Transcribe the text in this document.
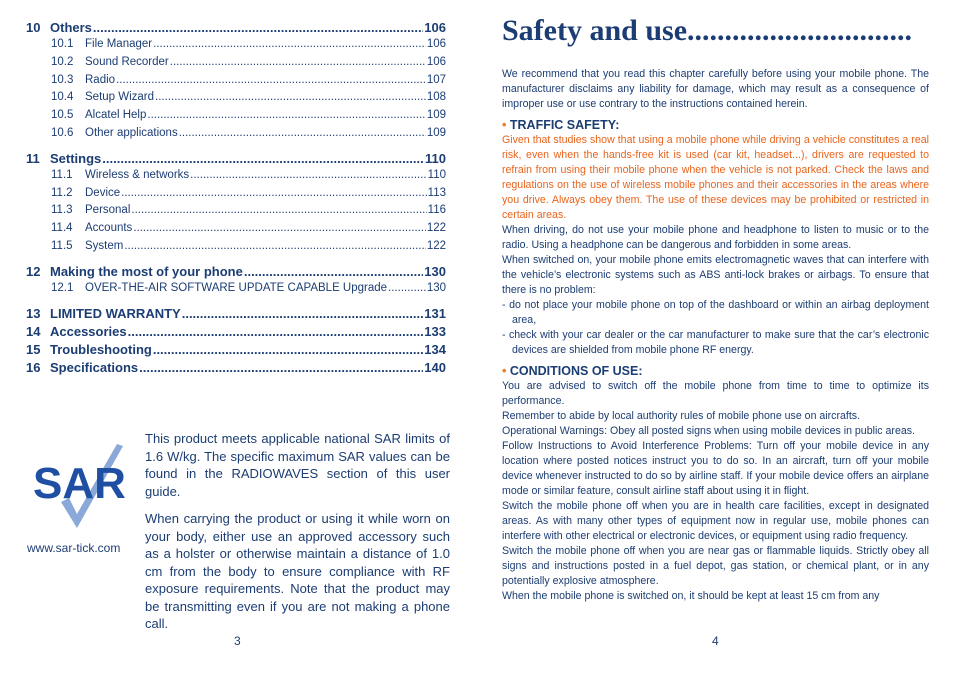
10 Others .....	106
10.1	File Manager .....	106
10.2	Sound Recorder .....	106
10.3	Radio .....	107
10.4	Setup Wizard .....	108
10.5	Alcatel Help .....	109
10.6	Other applications .....	109
11 Settings .....	110
11.1	Wireless & networks .....	110
11.2	Device .....	113
11.3	Personal .....	116
11.4	Accounts .....	122
11.5	System .....	122
12 Making the most of your phone .....	130
12.1	OVER-THE-AIR SOFTWARE UPDATE CAPABLE Upgrade .....	130
13 LIMITED WARRANTY .....	131
14 Accessories .....	133
15 Troubleshooting .....	134
16 Specifications .....	140
SAR
www.sar-tick.com

This product meets applicable national SAR limits of 1.6 W/kg. The specific maximum SAR values can be found in the RADIOWAVES section of this user guide.

When carrying the product or using it while worn on your body, either use an approved accessory such as a holster or otherwise maintain a distance of 1.0 cm from the body to ensure compliance with RF exposure requirements. Note that the product may be transmitting even if you are not making a phone call.

3
Safety and use..............................

We recommend that you read this chapter carefully before using your mobile phone. The manufacturer disclaims any liability for damage, which may result as a consequence of improper use or use contrary to the instructions contained herein.

• TRAFFIC SAFETY:

Given that studies show that using a mobile phone while driving a vehicle constitutes a real risk, even when the hands-free kit is used (car kit, headset...), drivers are requested to refrain from using their mobile phone when the vehicle is not parked. Check the laws and regulations on the use of wireless mobile phones and their accessories in the areas where you drive. Always obey them. The use of these devices may be prohibited or restricted in certain areas.

When driving, do not use your mobile phone and headphone to listen to music or to the radio. Using a headphone can be dangerous and forbidden in some areas.

When switched on, your mobile phone emits electromagnetic waves that can interfere with the vehicle’s electronic systems such as ABS anti-lock brakes or airbags. To ensure that there is no problem:

- do not place your mobile phone on top of the dashboard or within an airbag deployment area,

- check with your car dealer or the car manufacturer to make sure that the car’s electronic devices are shielded from mobile phone RF energy.

• CONDITIONS OF USE:

You are advised to switch off the mobile phone from time to time to optimize its performance.

Remember to abide by local authority rules of mobile phone use on aircrafts.

Operational Warnings: Obey all posted signs when using mobile devices in public areas.

Follow Instructions to Avoid Interference Problems: Turn off your mobile device in any location where posted notices instruct you to do so. In an aircraft, turn off your mobile device whenever instructed to do so by airline staff. If your mobile device offers an airplane mode or similar feature, consult airline staff about using it in flight.

Switch the mobile phone off when you are in health care facilities, except in designated areas. As with many other types of equipment now in regular use, mobile phones can interfere with other electrical or electronic devices, or equipment using radio frequency.

Switch the mobile phone off when you are near gas or flammable liquids. Strictly obey all signs and instructions posted in a fuel depot, gas station, or chemical plant, or in any potentially explosive atmosphere.

When the mobile phone is switched on, it should be kept at least 15 cm from any

4
